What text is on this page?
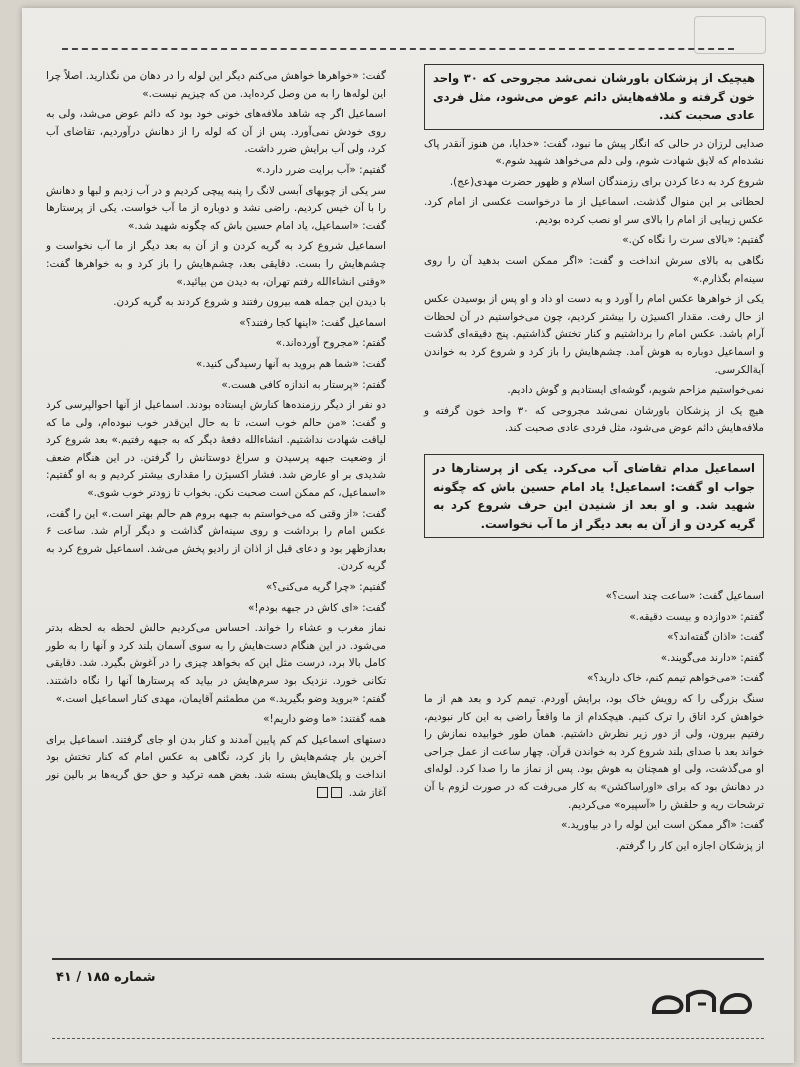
هیچیک از پزشکان باورشان نمی‌شد مجروحی که ۳۰ واحد خون گرفته و ملافه‌هایش دائم عوض می‌شود، مثل فردی عادی صحبت کند.

صدایی لرزان در حالی که انگار پیش ما نبود، گفت: «خدایا، من هنوز آنقدر پاک نشده‌ام که لایق شهادت شوم، ولی دلم می‌خواهد شهید شوم.»

شروع کرد به دعا کردن برای رزمندگان اسلام و ظهور حضرت مهدی(عج).

لحظاتی بر این منوال گذشت. اسماعیل از ما درخواست عکسی از امام کرد. عکس زیبایی از امام را بالای سر او نصب کرده بودیم.

گفتیم: «بالای سرت را نگاه کن.»

نگاهی به بالای سرش انداخت و گفت: «اگر ممکن است بدهید آن را روی سینه‌ام بگذارم.»

یکی از خواهرها عکس امام را آورد و به دست او داد و او پس از بوسیدن عکس از حال رفت. مقدار اکسیژن را بیشتر کردیم، چون می‌خواستیم در آن لحظات آرام باشد. عکس امام را برداشتیم و کنار تختش گذاشتیم. پنج دقیقه‌ای گذشت و اسماعیل دوباره به هوش آمد. چشم‌هایش را باز کرد و شروع کرد به خواندن آیة‌الکرسی.

نمی‌خواستیم مزاحم شویم، گوشه‌ای ایستادیم و گوش دادیم.

هیچ یک از پزشکان باورشان نمی‌شد مجروحی که ۳۰ واحد خون گرفته و ملافه‌هایش دائم عوض می‌شود، مثل فردی عادی صحبت کند.

اسماعیل مدام تقاضای آب می‌کرد. یکی از پرستارها در جواب او گفت: اسماعیل! یاد امام حسین باش که چگونه شهید شد. و او بعد از شنیدن این حرف شروع کرد به گریه کردن و از آن به بعد دیگر از ما آب نخواست.

اسماعیل گفت: «ساعت چند است؟»

گفتم: «دوازده و بیست دقیقه.»

گفت: «اذان گفته‌اند؟»

گفتم: «دارند می‌گویند.»

گفت: «می‌خواهم تیمم کنم، خاک دارید؟»

سنگ بزرگی را که رویش خاک بود، برایش آوردم. تیمم کرد و بعد هم از ما خواهش کرد اتاق را ترک کنیم. هیچکدام از ما واقعاً راضی به این کار نبودیم، رفتیم بیرون، ولی از دور زیر نظرش داشتیم. همان طور خوابیده نمازش را خواند بعد با صدای بلند شروع کرد به خواندن قرآن. چهار ساعت از عمل جراحی او می‌گذشت، ولی او همچنان به هوش بود. پس از نماز ما را صدا کرد. لوله‌ای در دهانش بود که برای «اوراساکشن» به کار می‌رفت که در صورت لزوم با آن ترشحات ریه و حلقش را «آسپیره» می‌کردیم.

گفت: «اگر ممکن است این لوله را در بیاورید.»

از پزشکان اجازه این کار را گرفتم.

گفت: «خواهرها خواهش می‌کنم دیگر این لوله را در دهان من نگذارید. اصلاً چرا این لوله‌ها را به من وصل کرده‌اید. من که چیزیم نیست.»

اسماعیل اگر چه شاهد ملافه‌های خونی خود بود که دائم عوض می‌شد، ولی به روی خودش نمی‌آورد. پس از آن که لوله را از دهانش درآوردیم، تقاضای آب کرد، ولی آب برایش ضرر داشت.

گفتیم: «آب برایت ضرر دارد.»

سر یکی از چوبهای آبسی لانگ را پنبه پیچی کردیم و در آب زدیم و لبها و دهانش را با آن خیس کردیم. راضی نشد و دوباره از ما آب خواست. یکی از پرستارها گفت: «اسماعیل، یاد امام حسین باش که چگونه شهید شد.»

اسماعیل شروع کرد به گریه کردن و از آن به بعد دیگر از ما آب نخواست و چشم‌هایش را بست. دقایقی بعد، چشم‌هایش را باز کرد و به خواهرها گفت: «وقتی انشاءالله رفتم تهران، به دیدن من بیائید.»

با دیدن این جمله همه بیرون رفتند و شروع کردند به گریه کردن.

اسماعیل گفت: «اینها کجا رفتند؟»

گفتم: «مجروح آورده‌اند.»

گفت: «شما هم بروید به آنها رسیدگی کنید.»

گفتم: «پرستار به اندازه کافی هست.»

دو نفر از دیگر رزمنده‌ها کنارش ایستاده بودند. اسماعیل از آنها احوالپرسی کرد و گفت: «من حالم خوب است، تا به حال این‌قدر خوب نبوده‌ام، ولی ما که لیاقت شهادت نداشتیم. انشاءالله دفعهٔ دیگر که به جبهه رفتیم.» بعد شروع کرد از وضعیت جبهه پرسیدن و سراغ دوستانش را گرفتن. در این هنگام ضعف شدیدی بر او عارض شد. فشار اکسیژن را مقداری بیشتر کردیم و به او گفتیم: «اسماعیل، کم ممکن است صحبت نکن. بخواب تا زودتر خوب شوی.»

گفت: «از وقتی که می‌خواستم به جبهه بروم هم حالم بهتر است.» این را گفت، عکس امام را برداشت و روی سینه‌اش گذاشت و دیگر آرام شد. ساعت ۶ بعدازظهر بود و دعای قبل از اذان از رادیو پخش می‌شد. اسماعیل شروع کرد به گریه کردن.

گفتیم: «چرا گریه می‌کنی؟»

گفت: «ای کاش در جبهه بودم!»

نماز مغرب و عشاء را خواند. احساس می‌کردیم حالش لحظه به لحظه بدتر می‌شود. در این هنگام دست‌هایش را به سوی آسمان بلند کرد و آنها را به طور کامل بالا برد، درست مثل این که بخواهد چیزی را در آغوش بگیرد. شد. دقایقی تکانی خورد. نزدیک بود سرم‌هایش در بیاید که پرستارها آنها را نگاه داشتند. گفتم: «بروید وضو بگیرید.» من مطمئنم آقایمان، مهدی کنار اسماعیل است.»

همه گفتند: «ما وضو داریم!»

دستهای اسماعیل کم کم پایین آمدند و کنار بدن او جای گرفتند. اسماعیل برای آخرین بار چشم‌هایش را باز کرد، نگاهی به عکس امام که کنار تختش بود انداخت و پلک‌هایش بسته شد. بغض همه ترکید و حق حق گریه‌ها بر بالین نور آغاز شد.

شماره ۱۸۵ / ۴۱
